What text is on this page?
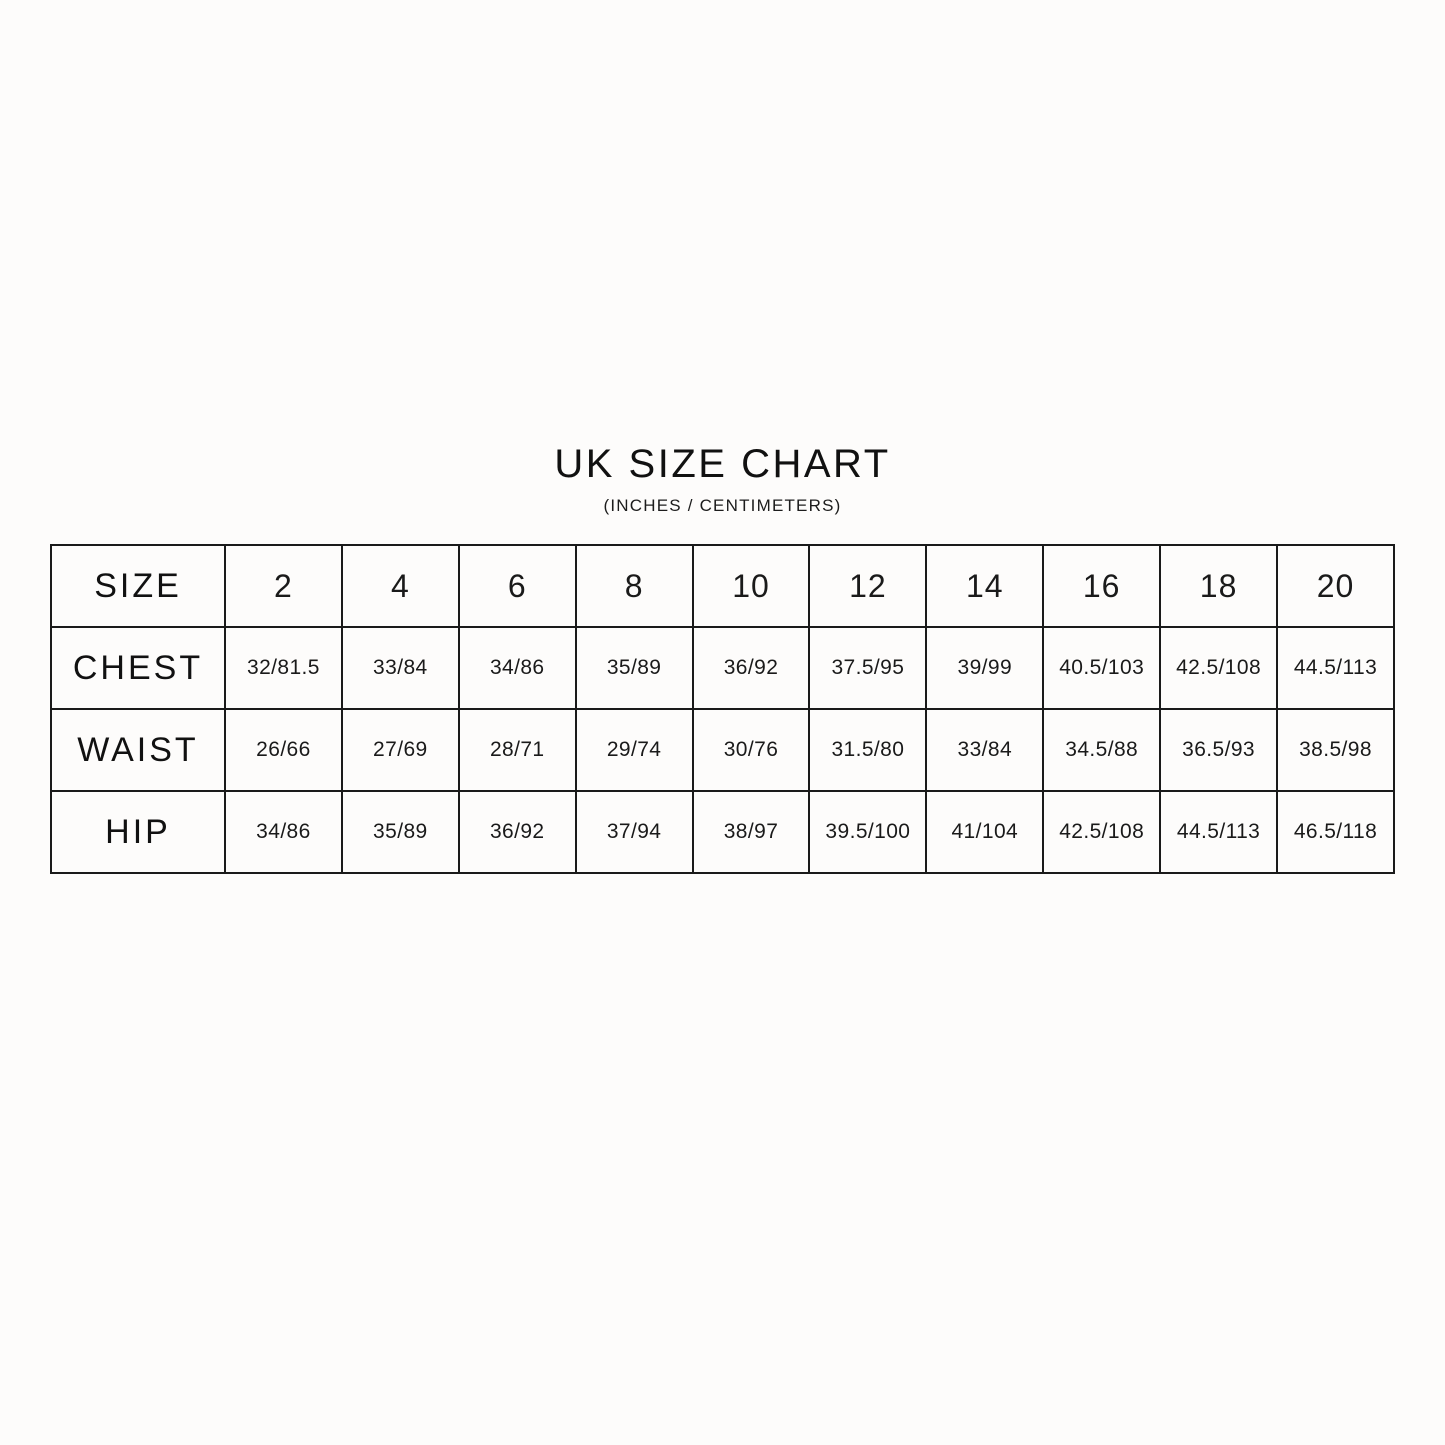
UK SIZE CHART
(INCHES / CENTIMETERS)
SIZE	2	4	6	8	10	12	14	16	18	20
CHEST	32/81.5	33/84	34/86	35/89	36/92	37.5/95	39/99	40.5/103	42.5/108	44.5/113
WAIST	26/66	27/69	28/71	29/74	30/76	31.5/80	33/84	34.5/88	36.5/93	38.5/98
HIP	34/86	35/89	36/92	37/94	38/97	39.5/100	41/104	42.5/108	44.5/113	46.5/118
